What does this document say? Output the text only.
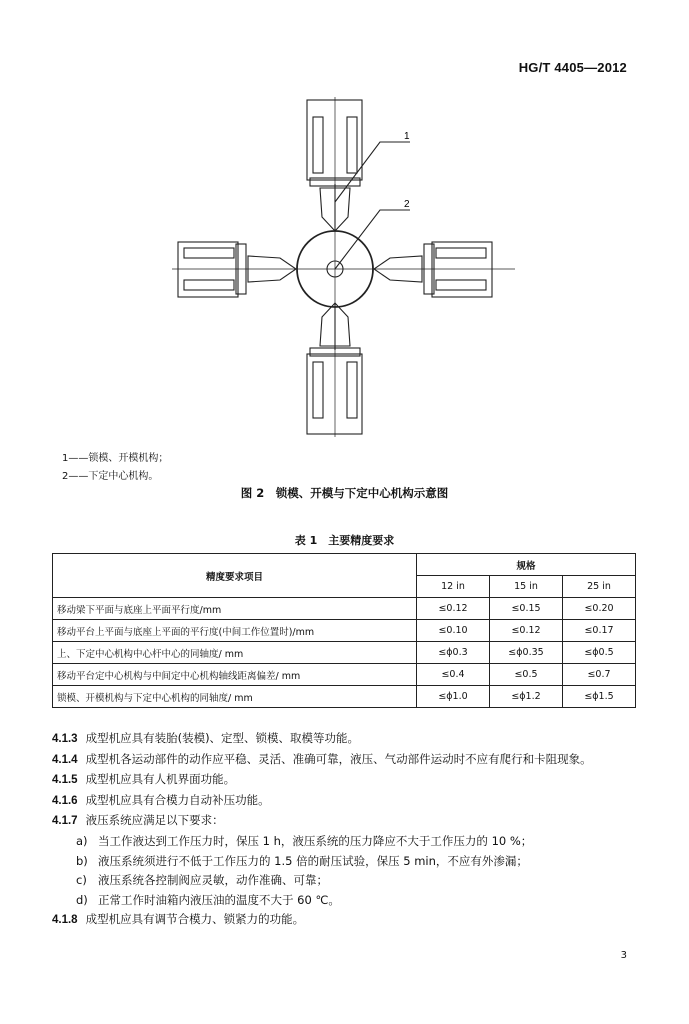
HG/T 4405—2012
1
2
1——锁模、开模机构；
2——下定中心机构。
图 2　锁模、开模与下定中心机构示意图
表 1　主要精度要求
精度要求项目	规格		
	12 in	15 in	25 in
移动梁下平面与底座上平面平行度/mm	≤0.12	≤0.15	≤0.20
移动平台上平面与底座上平面的平行度(中间工作位置时)/mm	≤0.10	≤0.12	≤0.17
上、下定中心机构中心杆中心的同轴度/ mm	≤ϕ0.3	≤ϕ0.35	≤ϕ0.5
移动平台定中心机构与中间定中心机构轴线距离偏差/ mm	≤0.4	≤0.5	≤0.7
锁模、开模机构与下定中心机构的同轴度/ mm	≤ϕ1.0	≤ϕ1.2	≤ϕ1.5

4.1.3 成型机应具有装胎(装模)、定型、锁模、取模等功能。

4.1.4 成型机各运动部件的动作应平稳、灵活、准确可靠，液压、气动部件运动时不应有爬行和卡阻现象。

4.1.5 成型机应具有人机界面功能。

4.1.6 成型机应具有合模力自动补压功能。

4.1.7 液压系统应满足以下要求：

a) 当工作液达到工作压力时，保压 1 h，液压系统的压力降应不大于工作压力的 10 %；

b) 液压系统须进行不低于工作压力的 1.5 倍的耐压试验，保压 5 min，不应有外渗漏；

c) 液压系统各控制阀应灵敏，动作准确、可靠；

d) 正常工作时油箱内液压油的温度不大于 60 ℃。

4.1.8 成型机应具有调节合模力、锁紧力的功能。

3
